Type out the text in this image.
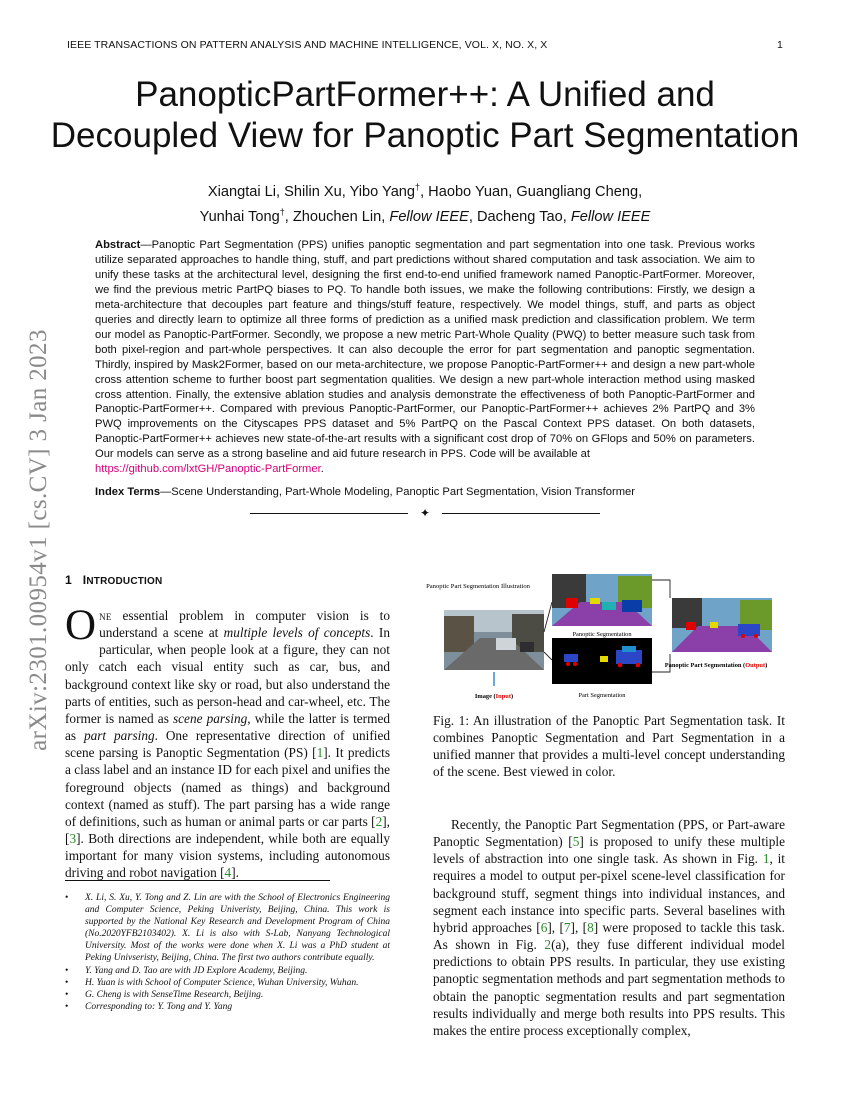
IEEE TRANSACTIONS ON PATTERN ANALYSIS AND MACHINE INTELLIGENCE, VOL. X, NO. X, X	1
PanopticPartFormer++: A Unified and
Decoupled View for Panoptic Part Segmentation
Xiangtai Li, Shilin Xu, Yibo Yang†, Haobo Yuan, Guangliang Cheng,
Yunhai Tong†, Zhouchen Lin, Fellow IEEE, Dacheng Tao, Fellow IEEE
Abstract—Panoptic Part Segmentation (PPS) unifies panoptic segmentation and part segmentation into one task. Previous works utilize separated approaches to handle thing, stuff, and part predictions without shared computation and task association. We aim to unify these tasks at the architectural level, designing the first end-to-end unified framework named Panoptic-PartFormer. Moreover, we find the previous metric PartPQ biases to PQ. To handle both issues, we make the following contributions: Firstly, we design a meta-architecture that decouples part feature and things/stuff feature, respectively. We model things, stuff, and parts as object queries and directly learn to optimize all three forms of prediction as a unified mask prediction and classification problem. We term our model as Panoptic-PartFormer. Secondly, we propose a new metric Part-Whole Quality (PWQ) to better measure such task from both pixel-region and part-whole perspectives. It can also decouple the error for part segmentation and panoptic segmentation. Thirdly, inspired by Mask2Former, based on our meta-architecture, we propose Panoptic-PartFormer++ and design a new part-whole cross attention scheme to further boost part segmentation qualities. We design a new part-whole interaction method using masked cross attention. Finally, the extensive ablation studies and analysis demonstrate the effectiveness of both Panoptic-PartFormer and Panoptic-PartFormer++. Compared with previous Panoptic-PartFormer, our Panoptic-PartFormer++ achieves 2% PartPQ and 3% PWQ improvements on the Cityscapes PPS dataset and 5% PartPQ on the Pascal Context PPS dataset. On both datasets, Panoptic-PartFormer++ achieves new state-of-the-art results with a significant cost drop of 70% on GFlops and 50% on parameters. Our models can serve as a strong baseline and aid future research in PPS. Code will be available at
https://github.com/lxtGH/Panoptic-PartFormer.
Index Terms—Scene Understanding, Part-Whole Modeling, Panoptic Part Segmentation, Vision Transformer
✦
arXiv:2301.00954v1 [cs.CV] 3 Jan 2023 1 INTRODUCTION
One essential problem in computer vision is to understand a scene at multiple levels of concepts. In particular, when people look at a figure, they can not only catch each visual entity such as car, bus, and background context like sky or road, but also understand the parts of entities, such as person-head and car-wheel, etc. The former is named as scene parsing, while the latter is termed as part parsing. One representative direction of unified scene parsing is Panoptic Segmentation (PS) [1]. It predicts a class label and an instance ID for each pixel and unifies the foreground objects (named as things) and background context (named as stuff). The part parsing has a wide range of definitions, such as human or animal parts or car parts [2], [3]. Both directions are independent, while both are equally important for many vision systems, including autonomous driving and robot navigation [4].
• X. Li, S. Xu, Y. Tong and Z. Lin are with the School of Electronics Engineering and Computer Science, Peking Univeristy, Beijing, China. This work is supported by the National Key Research and Development Program of China (No.2020YFB2103402). X. Li is also with S-Lab, Nanyang Technological University. Most of the works were done when X. Li was a PhD student at Peking Univseristy, Beijing, China. The first two authors contribute equally.
• Y. Yang and D. Tao are with JD Explore Academy, Beijing.
• H. Yuan is with School of Computer Science, Wuhan University, Wuhan.
• G. Cheng is with SenseTime Research, Beijing.
• Corresponding to: Y. Tong and Y. Yang
Panoptic Part Segmentation Illustration
Image (Input)
Panoptic Segmentation
Part Segmentation
Panoptic Part Segmentation (Output)
Fig. 1: An illustration of the Panoptic Part Segmentation task. It combines Panoptic Segmentation and Part Segmentation in a unified manner that provides a multi-level concept understanding of the scene. Best viewed in color.
Recently, the Panoptic Part Segmentation (PPS, or Part-aware Panoptic Segmentation) [5] is proposed to unify these multiple levels of abstraction into one single task. As shown in Fig. 1, it requires a model to output per-pixel scene-level classification for background stuff, segment things into individual instances, and segment each instance into specific parts. Several baselines with hybrid approaches [6], [7], [8] were proposed to tackle this task. As shown in Fig. 2(a), they fuse different individual model predictions to obtain PPS results. In particular, they use existing panoptic segmentation methods and part segmentation methods to obtain the panoptic segmentation results and part segmentation results individually and merge both results into PPS results. This makes the entire process exceptionally complex,
